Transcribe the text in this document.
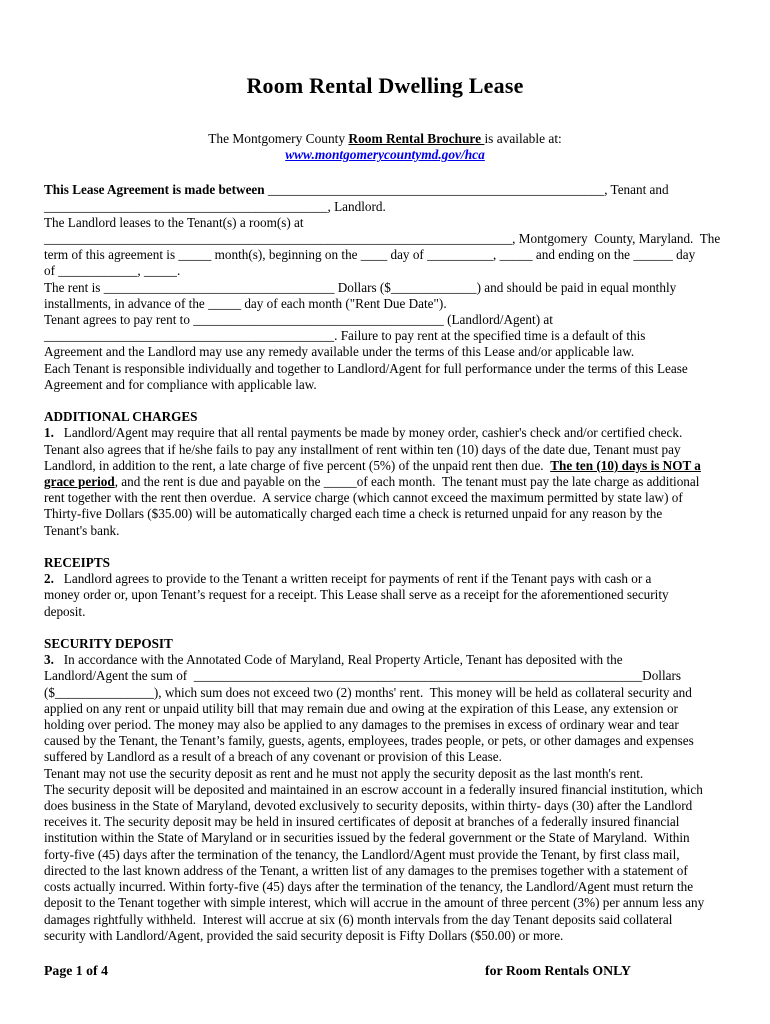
Room Rental Dwelling Lease
The Montgomery County Room Rental Brochure is available at:
www.montgomerycountymd.gov/hca
This Lease Agreement is made between ___________________________________________________, Tenant and
___________________________________________, Landlord.
The Landlord leases to the Tenant(s) a room(s) at
_______________________________________________________________________, Montgomery  County, Maryland.  The
term of this agreement is _____ month(s), beginning on the ____ day of __________, _____ and ending on the ______ day
of ____________, _____.
The rent is ___________________________________ Dollars ($_____________) and should be paid in equal monthly
installments, in advance of the _____ day of each month ("Rent Due Date").
Tenant agrees to pay rent to ______________________________________ (Landlord/Agent) at
____________________________________________. Failure to pay rent at the specified time is a default of this
Agreement and the Landlord may use any remedy available under the terms of this Lease and/or applicable law.
Each Tenant is responsible individually and together to Landlord/Agent for full performance under the terms of this Lease
Agreement and for compliance with applicable law.
ADDITIONAL CHARGES
1.   Landlord/Agent may require that all rental payments be made by money order, cashier's check and/or certified check.
Tenant also agrees that if he/she fails to pay any installment of rent within ten (10) days of the date due, Tenant must pay
Landlord, in addition to the rent, a late charge of five percent (5%) of the unpaid rent then due.  The ten (10) days is NOT a
grace period, and the rent is due and payable on the _____of each month.  The tenant must pay the late charge as additional
rent together with the rent then overdue.  A service charge (which cannot exceed the maximum permitted by state law) of
Thirty-five Dollars ($35.00) will be automatically charged each time a check is returned unpaid for any reason by the
Tenant's bank.
RECEIPTS
2.   Landlord agrees to provide to the Tenant a written receipt for payments of rent if the Tenant pays with cash or a
money order or, upon Tenant’s request for a receipt. This Lease shall serve as a receipt for the aforementioned security
deposit.
SECURITY DEPOSIT
3.   In accordance with the Annotated Code of Maryland, Real Property Article, Tenant has deposited with the
Landlord/Agent the sum of  ____________________________________________________________________Dollars
($_______________), which sum does not exceed two (2) months' rent.  This money will be held as collateral security and
applied on any rent or unpaid utility bill that may remain due and owing at the expiration of this Lease, any extension or
holding over period. The money may also be applied to any damages to the premises in excess of ordinary wear and tear
caused by the Tenant, the Tenant’s family, guests, agents, employees, trades people, or pets, or other damages and expenses
suffered by Landlord as a result of a breach of any covenant or provision of this Lease.
Tenant may not use the security deposit as rent and he must not apply the security deposit as the last month's rent.
The security deposit will be deposited and maintained in an escrow account in a federally insured financial institution, which
does business in the State of Maryland, devoted exclusively to security deposits, within thirty- days (30) after the Landlord
receives it. The security deposit may be held in insured certificates of deposit at branches of a federally insured financial
institution within the State of Maryland or in securities issued by the federal government or the State of Maryland.  Within
forty-five (45) days after the termination of the tenancy, the Landlord/Agent must provide the Tenant, by first class mail,
directed to the last known address of the Tenant, a written list of any damages to the premises together with a statement of
costs actually incurred. Within forty-five (45) days after the termination of the tenancy, the Landlord/Agent must return the
deposit to the Tenant together with simple interest, which will accrue in the amount of three percent (3%) per annum less any
damages rightfully withheld.  Interest will accrue at six (6) month intervals from the day Tenant deposits said collateral
security with Landlord/Agent, provided the said security deposit is Fifty Dollars ($50.00) or more.
Page 1 of 4	for Room Rentals ONLY
